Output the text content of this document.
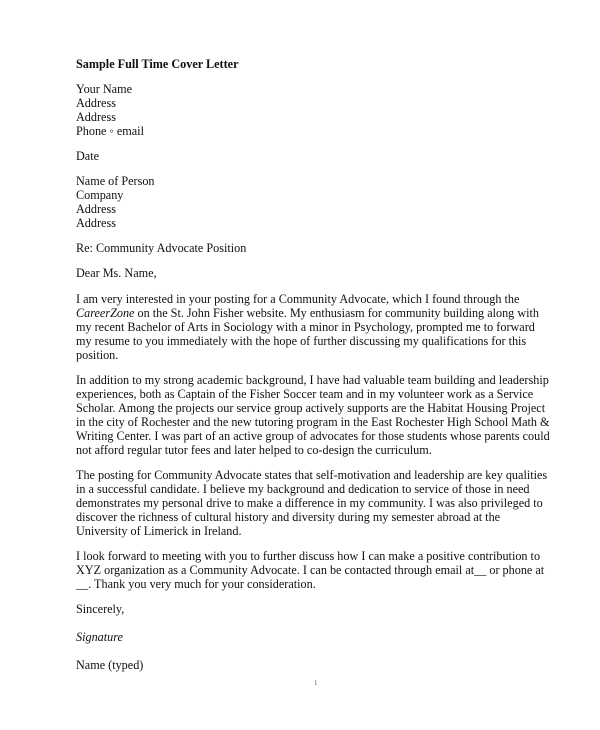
Sample Full Time Cover Letter
Your Name
Address
Address
Phone ◦ email
Date
Name of Person
Company
Address
Address
Re: Community Advocate Position
Dear Ms. Name,
I am very interested in your posting for a Community Advocate, which I found through the
CareerZone on the St. John Fisher website. My enthusiasm for community building along with
my recent Bachelor of Arts in Sociology with a minor in Psychology, prompted me to forward
my resume to you immediately with the hope of further discussing my qualifications for this
position.
In addition to my strong academic background, I have had valuable team building and leadership
experiences, both as Captain of the Fisher Soccer team and in my volunteer work as a Service
Scholar. Among the projects our service group actively supports are the Habitat Housing Project
in the city of Rochester and the new tutoring program in the East Rochester High School Math &
Writing Center. I was part of an active group of advocates for those students whose parents could
not afford regular tutor fees and later helped to co-design the curriculum.
The posting for Community Advocate states that self-motivation and leadership are key qualities
in a successful candidate. I believe my background and dedication to service of those in need
demonstrates my personal drive to make a difference in my community. I was also privileged to
discover the richness of cultural history and diversity during my semester abroad at the
University of Limerick in Ireland.
I look forward to meeting with you to further discuss how I can make a positive contribution to
XYZ organization as a Community Advocate. I can be contacted through email at__ or phone at
__. Thank you very much for your consideration.
Sincerely,
Signature
Name (typed)
1
